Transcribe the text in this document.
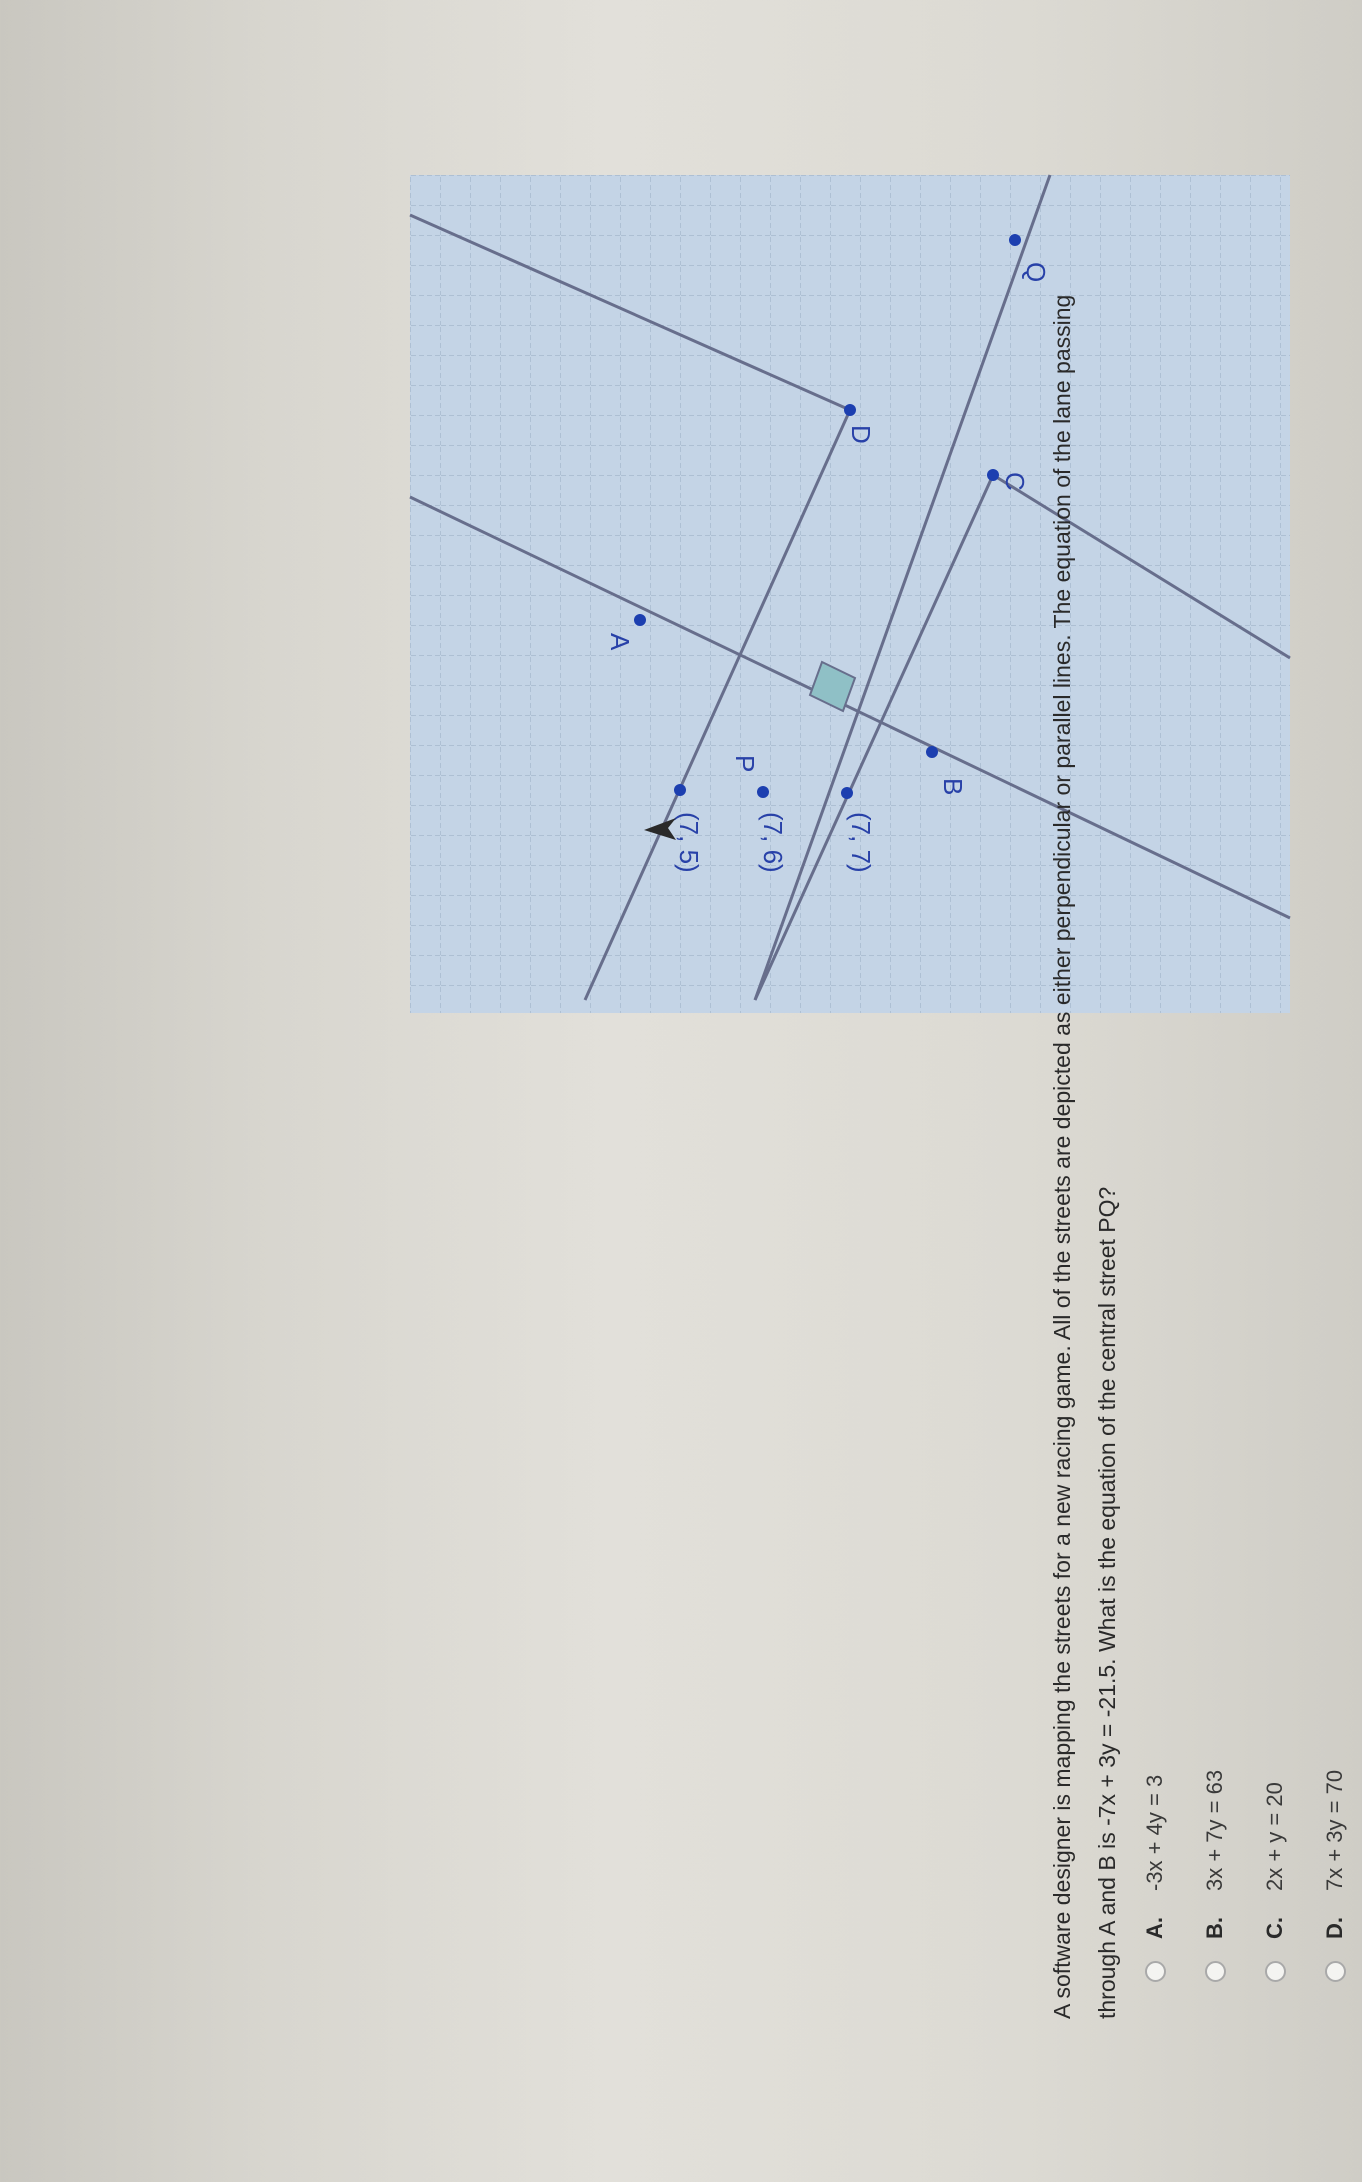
Q
C
D
A
B
(7, 7)
(7, 6)
P
(7, 5)	A software designer is mapping the streets for a new racing game. All of the streets are depicted as either perpendicular or parallel lines. The equation of the lane passing through A and B is -7x + 3y = -21.5. What is the equation of the central street PQ?	A.
-3x + 4y = 3
B.
3x + 7y = 63
C.
2x + y = 20
D.
7x + 3y = 70
